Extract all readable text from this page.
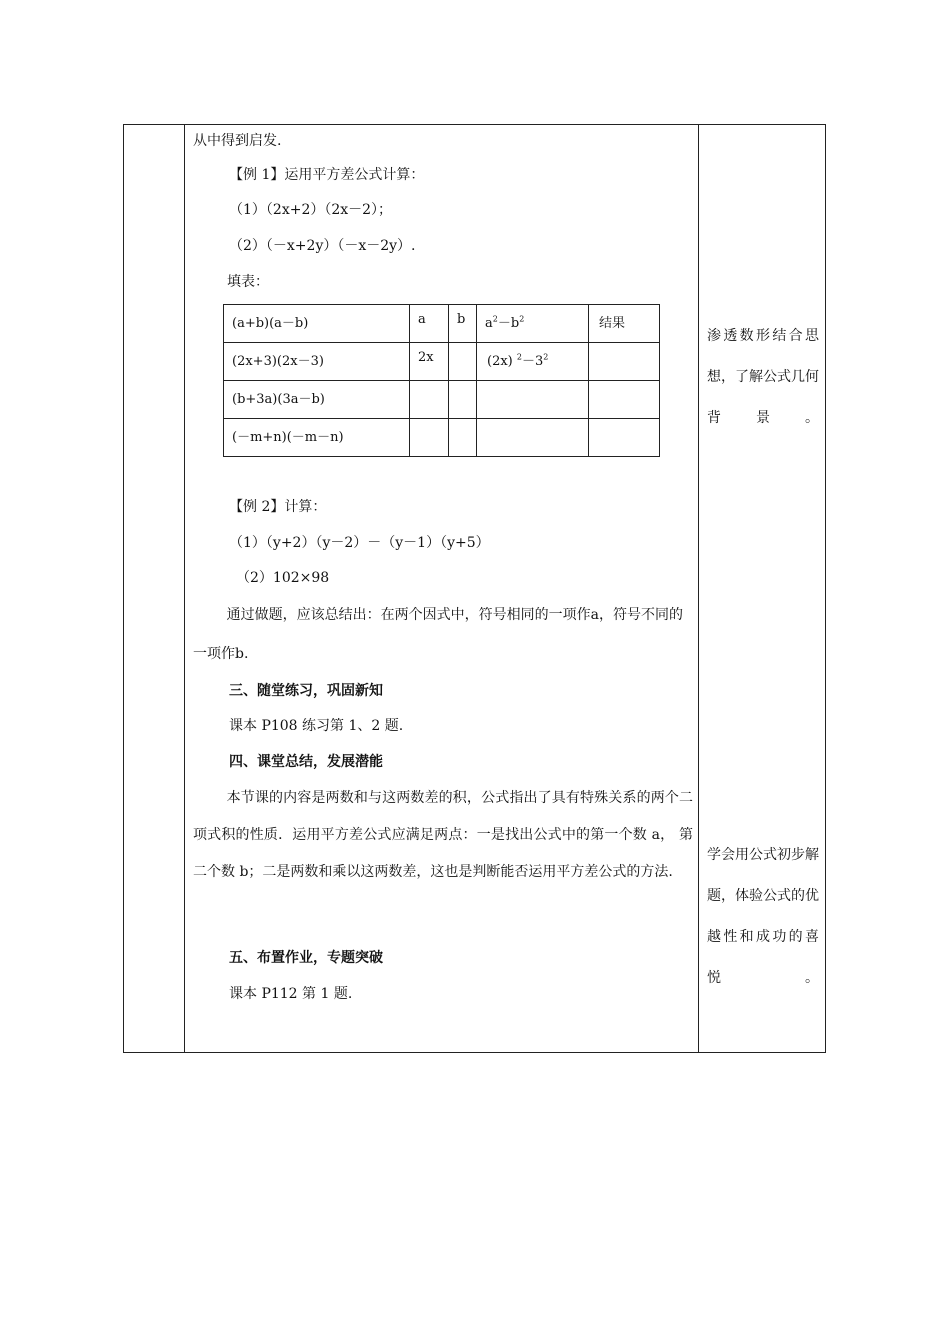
从中得到启发.
【例 1】运用平方差公式计算：
（1）（2x+2）（2x－2）；
（2）（－x+2y）（－x－2y）.
填表：
(a+b)(a－b)	a	b	$a^2-b^2$	结果
(2x+3)(2x－3)	2x		(2x) $^2-3^2$	
(b+3a)(3a－b)				
(－m+n)(－m－n)				
【例 2】计算：
（1）（y+2）（y－2）－（y－1）（y+5）
（2）102×98
通过做题，应该总结出：在两个因式中，符号相同的一项作a，符号不同的一项作b.
三、随堂练习，巩固新知
课本 P108 练习第 1、2 题.
四、课堂总结，发展潜能
本节课的内容是两数和与这两数差的积，公式指出了具有特殊关系的两个二项式积的性质．运用平方差公式应满足两点：一是找出公式中的第一个数 a， 第二个数 b；二是两数和乘以这两数差，这也是判断能否运用平方差公式的方法.
五、布置作业，专题突破
课本 P112 第 1 题.
渗透数形结合思想，了解公式几何背景。
学会用公式初步解题，体验公式的优越性和成功的喜悦。
